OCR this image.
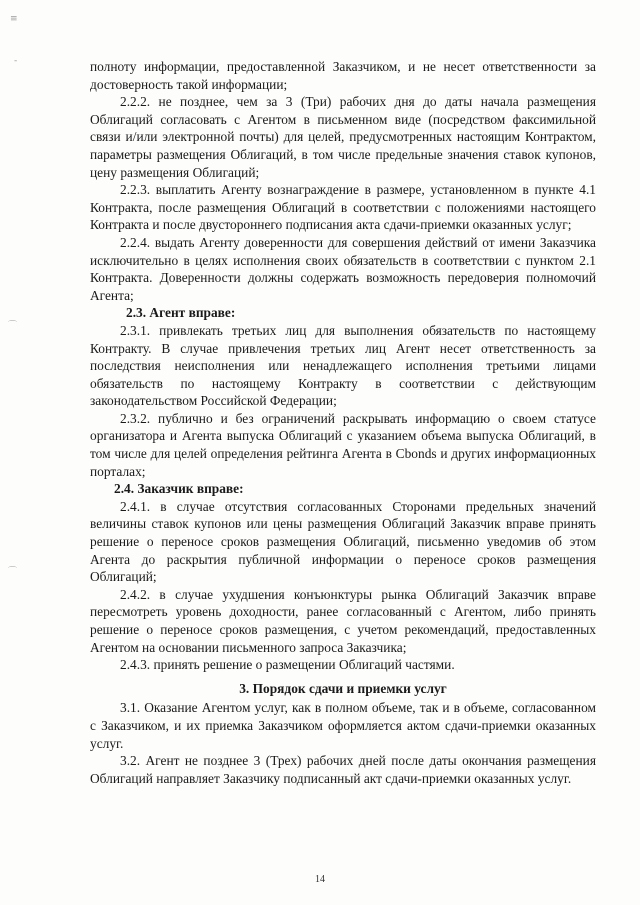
≡
-
⌒
⌒

полноту информации, предоставленной Заказчиком, и не несет ответственности за достоверность такой информации;

2.2.2. не позднее, чем за 3 (Три) рабочих дня до даты начала размещения Облигаций согласовать с Агентом в письменном виде (посредством факсимильной связи и/или электронной почты) для целей, предусмотренных настоящим Контрактом, параметры размещения Облигаций, в том числе предельные значения ставок купонов, цену размещения Облигаций;

2.2.3. выплатить Агенту вознаграждение в размере, установленном в пункте 4.1 Контракта, после размещения Облигаций в соответствии с положениями настоящего Контракта и после двустороннего подписания акта сдачи-приемки оказанных услуг;

2.2.4. выдать Агенту доверенности для совершения действий от имени Заказчика исключительно в целях исполнения своих обязательств в соответствии с пунктом 2.1 Контракта. Доверенности должны содержать возможность передоверия полномочий Агента;

2.3. Агент вправе:

2.3.1. привлекать третьих лиц для выполнения обязательств по настоящему Контракту. В случае привлечения третьих лиц Агент несет ответственность за последствия неисполнения или ненадлежащего исполнения третьими лицами обязательств по настоящему Контракту в соответствии с действующим законодательством Российской Федерации;

2.3.2. публично и без ограничений раскрывать информацию о своем статусе организатора и Агента выпуска Облигаций с указанием объема выпуска Облигаций, в том числе для целей определения рейтинга Агента в Cbonds и других информационных порталах;

2.4. Заказчик вправе:

2.4.1. в случае отсутствия согласованных Сторонами предельных значений величины ставок купонов или цены размещения Облигаций Заказчик вправе принять решение о переносе сроков размещения Облигаций, письменно уведомив об этом Агента до раскрытия публичной информации о переносе сроков размещения Облигаций;

2.4.2. в случае ухудшения конъюнктуры рынка Облигаций Заказчик вправе пересмотреть уровень доходности, ранее согласованный с Агентом, либо принять решение о переносе сроков размещения, с учетом рекомендаций, предоставленных Агентом на основании письменного запроса Заказчика;

2.4.3. принять решение о размещении Облигаций частями.

3. Порядок сдачи и приемки услуг

3.1. Оказание Агентом услуг, как в полном объеме, так и в объеме, согласованном с Заказчиком, и их приемка Заказчиком оформляется актом сдачи-приемки оказанных услуг.

3.2. Агент не позднее 3 (Трех) рабочих дней после даты окончания размещения Облигаций направляет Заказчику подписанный акт сдачи-приемки оказанных услуг.

14
